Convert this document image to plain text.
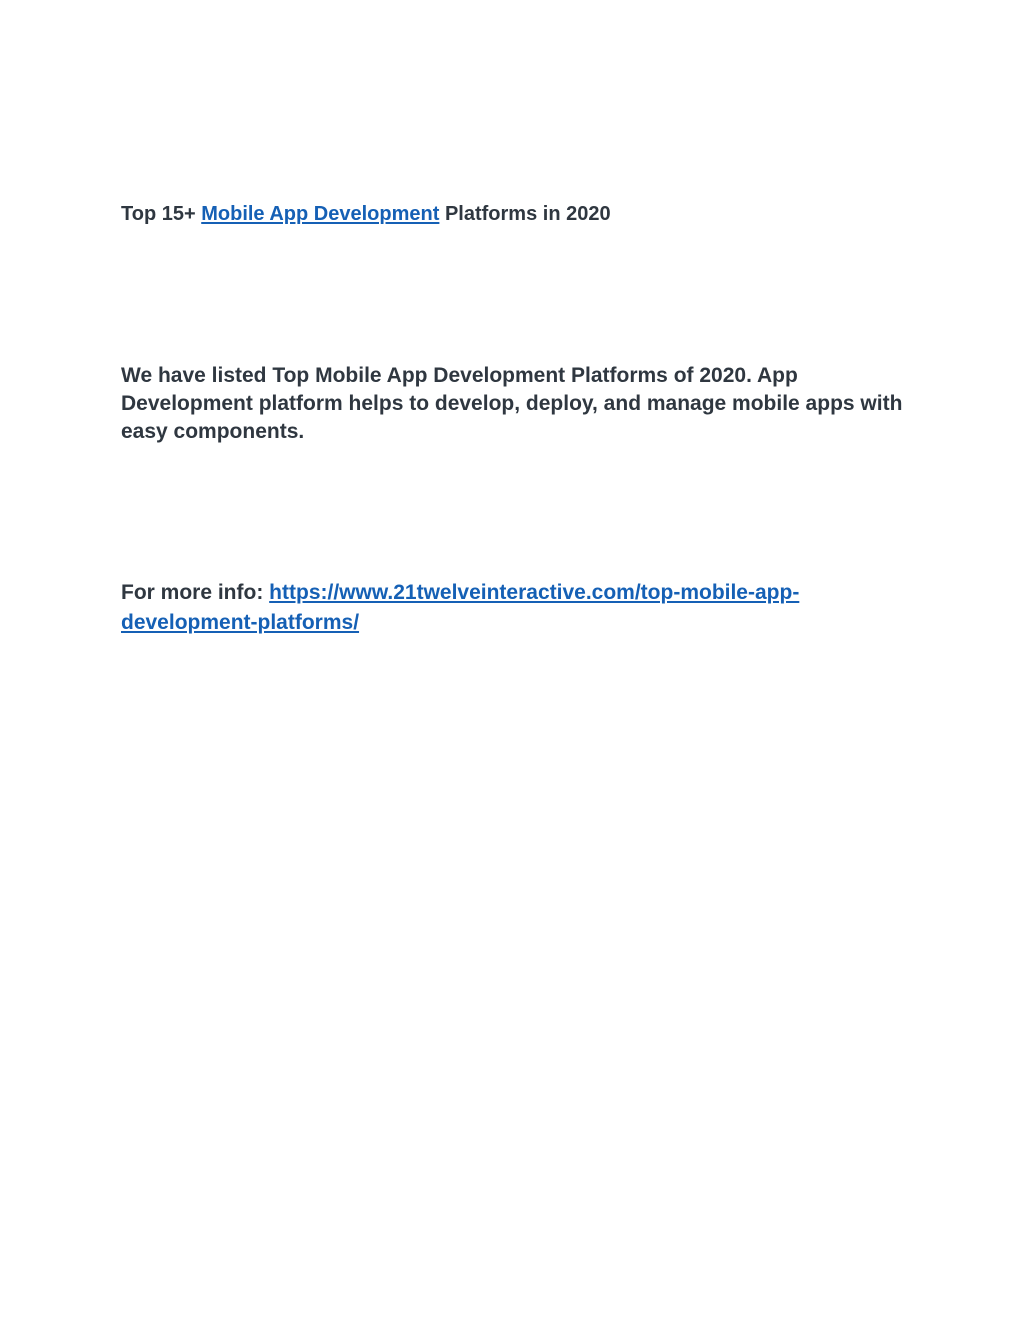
Top 15+ Mobile App Development Platforms in 2020

We have listed Top Mobile App Development Platforms of 2020. App Development platform helps to develop, deploy, and manage mobile apps with easy components.

For more info: https://www.21twelveinteractive.com/top-mobile-app-development-platforms/
